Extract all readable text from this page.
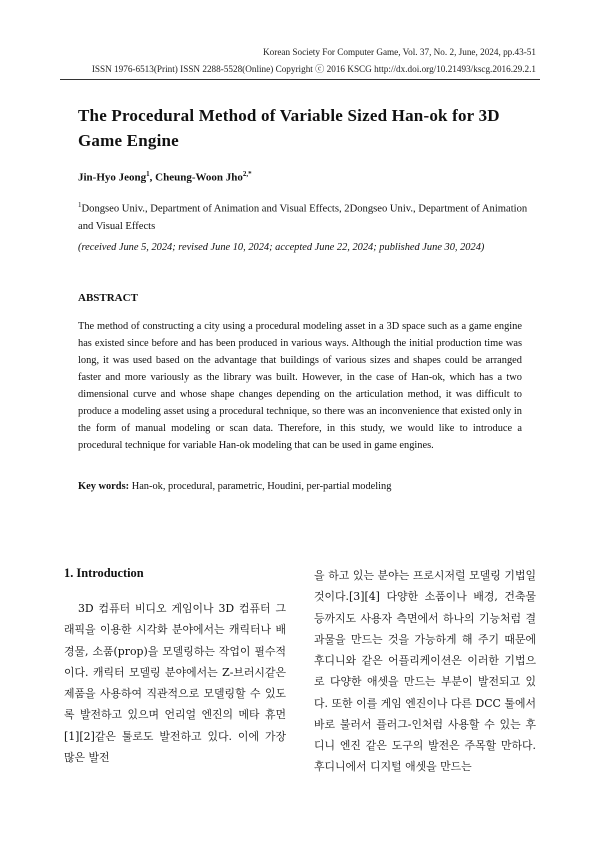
Korean Society For Computer Game, Vol. 37, No. 2, June, 2024, pp.43-51
ISSN 1976-6513(Print) ISSN 2288-5528(Online) Copyright ⓒ 2016 KSCG http://dx.doi.org/10.21493/kscg.2016.29.2.1
The Procedural Method of Variable Sized Han-ok for 3D Game Engine
Jin-Hyo Jeong$^1$, Cheung-Woon Jho$^{2,*}$
$^1$Dongseo Univ., Department of Animation and Visual Effects, 2Dongseo Univ., Department of Animation and Visual Effects
(received June 5, 2024; revised June 10, 2024; accepted June 22, 2024; published June 30, 2024)
ABSTRACT
The method of constructing a city using a procedural modeling asset in a 3D space such as a game engine has existed since before and has been produced in various ways. Although the initial production time was long, it was used based on the advantage that buildings of various sizes and shapes could be arranged faster and more variously as the library was built. However, in the case of Han-ok, which has a two dimensional curve and whose shape changes depending on the articulation method, it was difficult to produce a modeling asset using a procedural technique, so there was an inconvenience that existed only in the form of manual modeling or scan data. Therefore, in this study, we would like to introduce a procedural technique for variable Han-ok modeling that can be used in game engines.
Key words: Han-ok, procedural, parametric, Houdini, per-partial modeling
1. Introduction
3D 컴퓨터 비디오 게임이나 3D 컴퓨터 그래픽을 이용한 시각화 분야에서는 캐릭터나 배경물, 소품(prop)을 모델링하는 작업이 필수적이다. 캐릭터 모델링 분야에서는 Z-브러시같은 제품을 사용하여 직관적으로 모델링할 수 있도록 발전하고 있으며 언리얼 엔진의 메타 휴먼[1][2]같은 툴로도 발전하고 있다. 이에 가장 많은 발전
을 하고 있는 분야는 프로시저럴 모델링 기법일 것이다.[3][4] 다양한 소품이나 배경, 건축물 등까지도 사용자 측면에서 하나의 기능처럼 결과물을 만드는 것을 가능하게 해 주기 때문에 후디니와 같은 어플리케이션은 이러한 기법으로 다양한 애셋을 만드는 부분이 발전되고 있다. 또한 이를 게임 엔진이나 다른 DCC 툴에서 바로 불러서 플러그-인처럼 사용할 수 있는 후디니 엔진 같은 도구의 발전은 주목할 만하다. 후디니에서 디지털 애셋을 만드는
